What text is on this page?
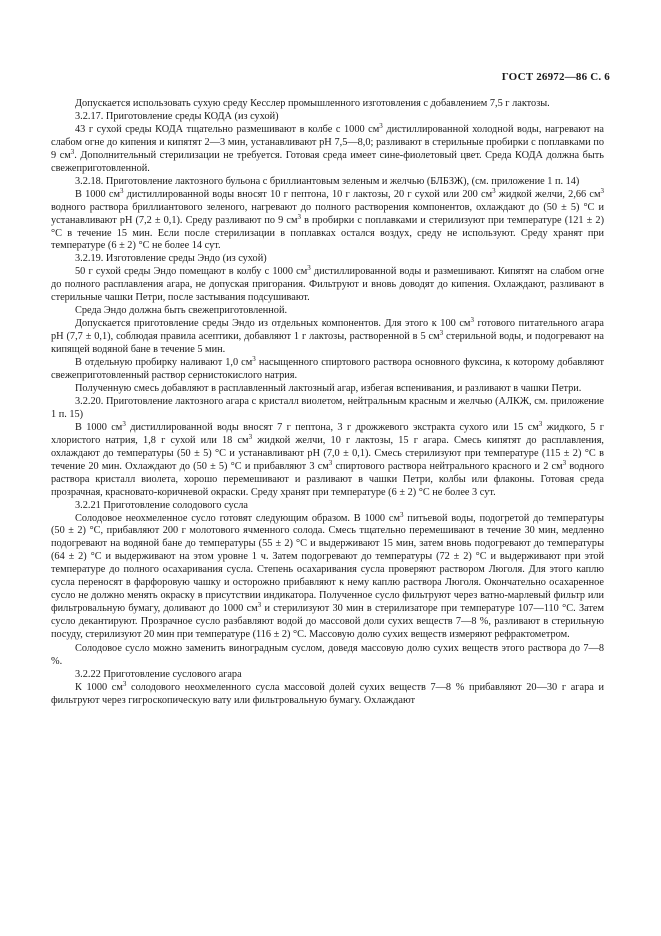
ГОСТ 26972—86 С. 6

Допускается использовать сухую среду Кесслер промышленного изготовления с добавлением 7,5 г лактозы.

3.2.17. Приготовление среды КОДА (из сухой)

43 г сухой среды КОДА тщательно размешивают в колбе с 1000 $см^3$ дистиллированной холодной воды, нагревают на слабом огне до кипения и кипятят 2—3 мин, устанавливают рН 7,5—8,0; разливают в стерильные пробирки с поплавками по 9 $см^3$. Дополнительный стерилизации не требуется. Готовая среда имеет сине-фиолетовый цвет. Среда КОДА должна быть свежеприготовленной.

3.2.18. Приготовление лактозного бульона с бриллиантовым зеленым и желчью (БЛБЗЖ), (см. приложение 1 п. 14)

В 1000 $см^3$ дистиллированной воды вносят 10 г пептона, 10 г лактозы, 20 г сухой или 200 $см^3$ жидкой желчи, 2,66 $см^3$ водного раствора бриллиантового зеленого, нагревают до полного растворения компонентов, охлаждают до (50 ± 5) °С и устанавливают рН (7,2 ± 0,1). Среду разливают по 9 $см^3$ в пробирки с поплавками и стерилизуют при температуре (121 ± 2) °С в течение 15 мин. Если после стерилизации в поплавках остался воздух, среду не используют. Среду хранят при температуре (6 ± 2) °С не более 14 сут.

3.2.19. Изготовление среды Эндо (из сухой)

50 г сухой среды Эндо помещают в колбу с 1000 $см^3$ дистиллированной воды и размешивают. Кипятят на слабом огне до полного расплавления агара, не допуская пригорания. Фильтруют и вновь доводят до кипения. Охлаждают, разливают в стерильные чашки Петри, после застывания подсушивают.

Среда Эндо должна быть свежеприготовленной.

Допускается приготовление среды Эндо из отдельных компонентов. Для этого к 100 $см^3$ готового питательного агара рН (7,7 ± 0,1), соблюдая правила асептики, добавляют 1 г лактозы, растворенной в 5 $см^3$ стерильной воды, и подогревают на кипящей водяной бане в течение 5 мин.

В отдельную пробирку наливают 1,0 $см^3$ насыщенного спиртового раствора основного фуксина, к которому добавляют свежеприготовленный раствор сернистокислого натрия.

Полученную смесь добавляют в расплавленный лактозный агар, избегая вспенивания, и разливают в чашки Петри.

3.2.20. Приготовление лактозного агара с кристалл виолетом, нейтральным красным и желчью (АЛКЖ, см. приложение 1 п. 15)

В 1000 $см^3$ дистиллированной воды вносят 7 г пептона, 3 г дрожжевого экстракта сухого или 15 $см^3$ жидкого, 5 г хлористого натрия, 1,8 г сухой или 18 $см^3$ жидкой желчи, 10 г лактозы, 15 г агара. Смесь кипятят до расплавления, охлаждают до температуры (50 ± 5) °С и устанавливают рН (7,0 ± 0,1). Смесь стерилизуют при температуре (115 ± 2) °С в течение 20 мин. Охлаждают до (50 ± 5) °С и прибавляют 3 $см^3$ спиртового раствора нейтрального красного и 2 $см^3$ водного раствора кристалл виолета, хорошо перемешивают и разливают в чашки Петри, колбы или флаконы. Готовая среда прозрачная, красновато-коричневой окраски. Среду хранят при температуре (6 ± 2) °С не более 3 сут.

3.2.21 Приготовление солодового сусла

Солодовое неохмеленное сусло готовят следующим образом. В 1000 $см^3$ питьевой воды, подогретой до температуры (50 ± 2) °С, прибавляют 200 г молотового ячменного солода. Смесь тщательно перемешивают в течение 30 мин, медленно подогревают на водяной бане до температуры (55 ± 2) °С и выдерживают 15 мин, затем вновь подогревают до температуры (64 ± 2) °С и выдерживают на этом уровне 1 ч. Затем подогревают до температуры (72 ± 2) °С и выдерживают при этой температуре до полного осахаривания сусла. Степень осахаривания сусла проверяют раствором Люголя. Для этого каплю сусла переносят в фарфоровую чашку и осторожно прибавляют к нему каплю раствора Люголя. Окончательно осахаренное сусло не должно менять окраску в присутствии индикатора. Полученное сусло фильтруют через ватно-марлевый фильтр или фильтровальную бумагу, доливают до 1000 $см^3$ и стерилизуют 30 мин в стерилизаторе при температуре 107—110 °С. Затем сусло декантируют. Прозрачное сусло разбавляют водой до массовой доли сухих веществ 7—8 %, разливают в стерильную посуду, стерилизуют 20 мин при температуре (116 ± 2) °С. Массовую долю сухих веществ измеряют рефрактометром.

Солодовое сусло можно заменить виноградным суслом, доведя массовую долю сухих веществ этого раствора до 7—8 %.

3.2.22 Приготовление суслового агара

К 1000 $см^3$ солодового неохмеленного сусла массовой долей сухих веществ 7—8 % прибавляют 20—30 г агара и фильтруют через гигроскопическую вату или фильтровальную бумагу. Охлаждают
